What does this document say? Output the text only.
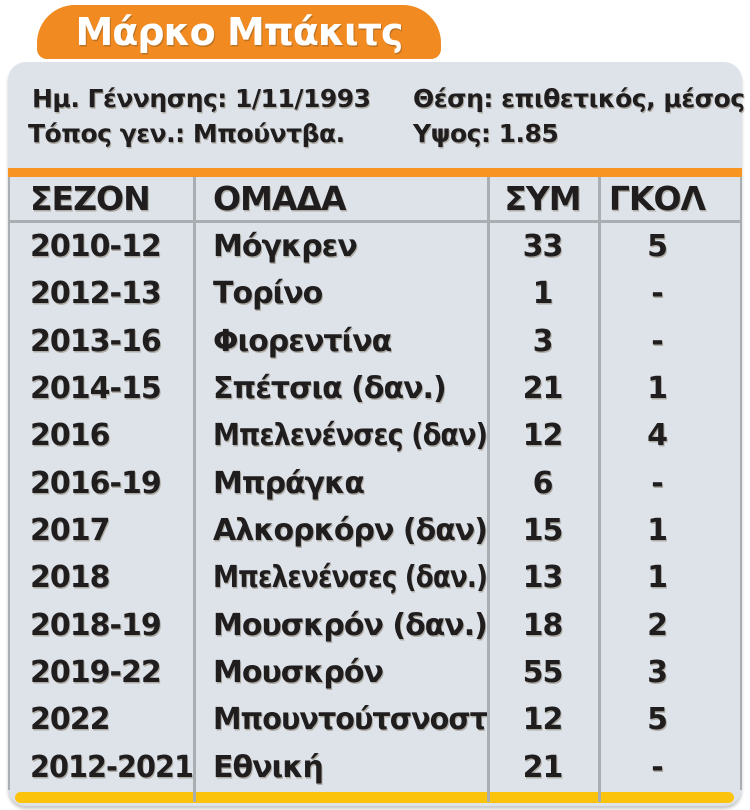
Μάρκο Μπάκιτς
Ημ. Γέννησης: 1/11/1993
Τόπος γεν.: Μπούντβα.
Θέση: επιθετικός, μέσος
Υψος: 1.85
ΣΕΖΟΝ	ΟΜΑΔΑ	ΣΥΜ ΓΚΟΛ
2010-12	Μόγκρεν	33	5
2012-13	Τορίνο	1	-
2013-16	Φιορεντίνα	3	-
2014-15	Σπέτσια (δαν.)	21	1
2016	Μπελενένσες (δαν)	12	4
2016-19	Μπράγκα	6	-
2017	Αλκορκόρν (δαν)	15	1
2018	Μπελενένσες (δαν.)	13	1
2018-19	Μουσκρόν (δαν.)	18	2
2019-22	Μουσκρόν	55	3
2022	Μπουντούτσνοστ	12	5
2012-2021 Εθνική	21	-
